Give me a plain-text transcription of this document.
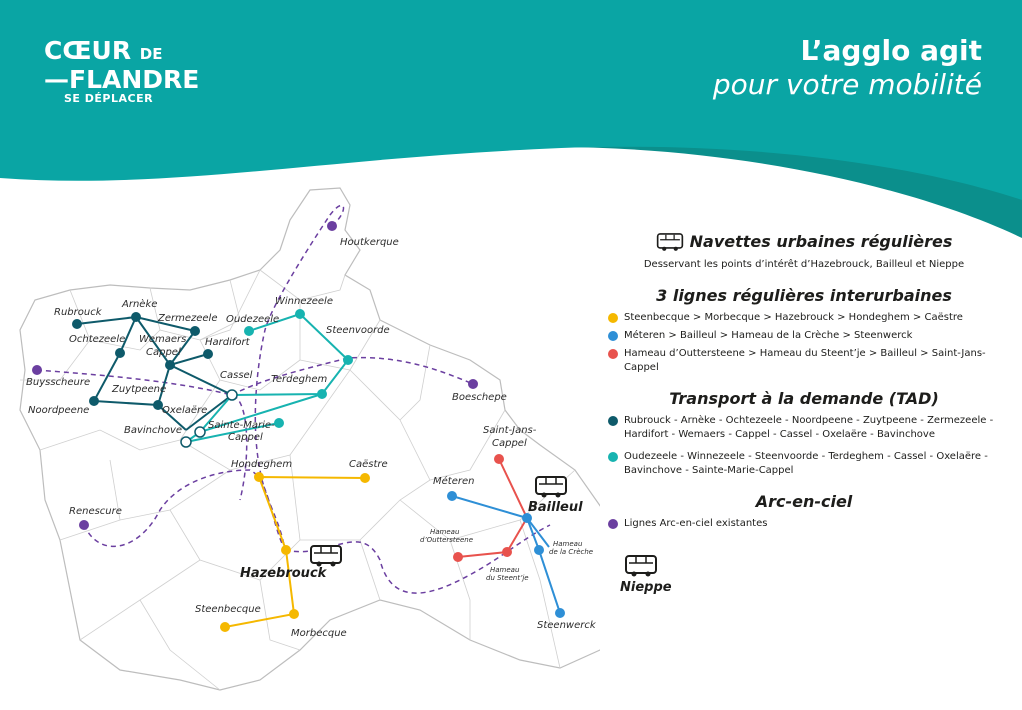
CŒUR DE
—FLANDRE
SE DÉPLACER
L’agglo agit
pour votre mobilité
Houtkerque
Winnezeele
Oudezeele
Steenvoorde
Rubrouck
Arnèke
Zermezeele
Ochtezeele Wemaers
Cappel
Hardifort
Cassel Terdeghem
Buysscheure
Zuytpeene
Boeschepe
Noordpeene	Oxelaëre
Bavinchove	Sainte-Marie-
Cappel
Hondeghem	Caëstre
Saint-Jans-
Cappel
Méteren
Renescure
Hameau
d’Outtersteene	Hameau
de la Crèche
Hameau
du Steent’je
Steenbecque
Morbecque
Steenwerck
Hazebrouck
Bailleul
Nieppe
Navettes urbaines régulières

Desservant les points d’intérêt d’Hazebrouck, Bailleul et Nieppe

3 lignes régulières interurbaines

Steenbecque > Morbecque > Hazebrouck > Hondeghem > Caëstre
Méteren > Bailleul > Hameau de la Crèche > Steenwerck
Hameau d’Outtersteene > Hameau du Steent’je > Bailleul > Saint-Jans-Cappel

Transport à la demande (TAD)

Rubrouck - Arnèke - Ochtezeele - Noordpeene - Zuytpeene - Zermezeele - Hardifort - Wemaers - Cappel - Cassel - Oxelaëre - Bavinchove
Oudezeele - Winnezeele - Steenvoorde - Terdeghem - Cassel - Oxelaëre - Bavinchove - Sainte-Marie-Cappel

Arc-en-ciel

Lignes Arc-en-ciel existantes
